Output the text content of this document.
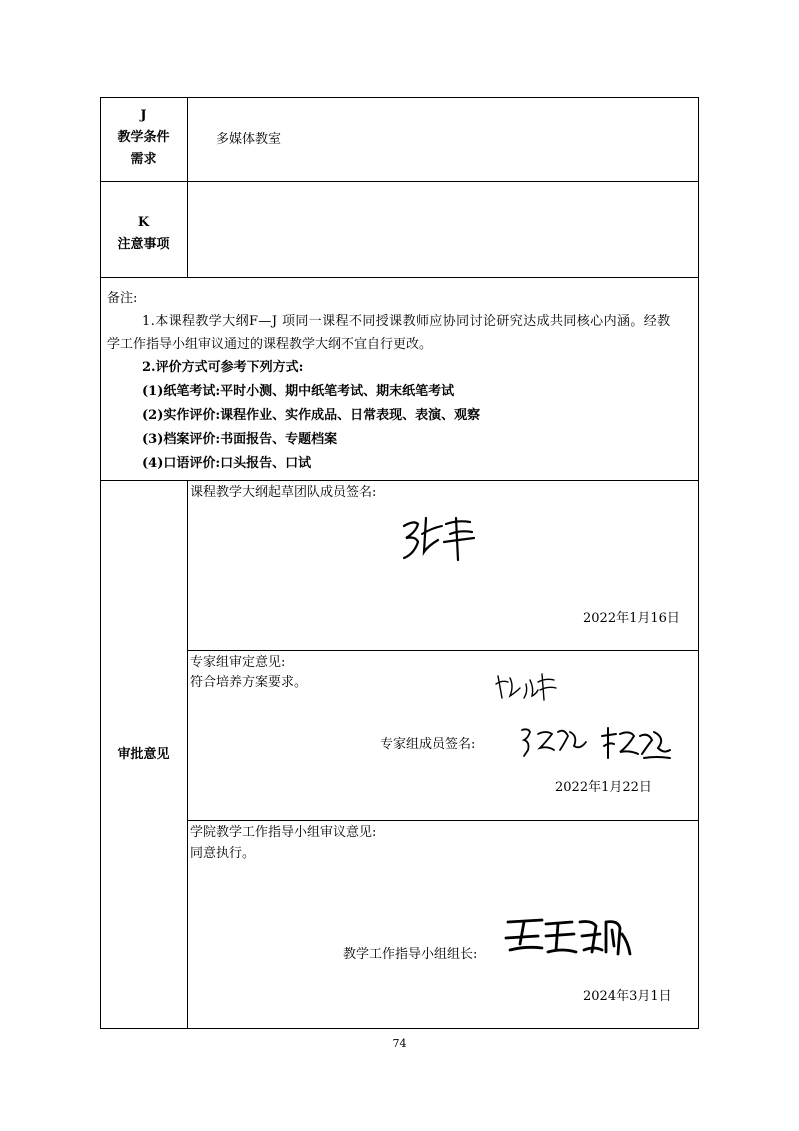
J
教学条件
需求
多媒体教室
K
注意事项
备注:
1.本课程教学大纲F—J 项同一课程不同授课教师应协同讨论研究达成共同核心内涵。经教
学工作指导小组审议通过的课程教学大纲不宜自行更改。
2.评价方式可参考下列方式:
(1)纸笔考试:平时小测、期中纸笔考试、期末纸笔考试
(2)实作评价:课程作业、实作成品、日常表现、表演、观察
(3)档案评价:书面报告、专题档案
(4)口语评价:口头报告、口试
审批意见
课程教学大纲起草团队成员签名:
2022年1月16日
专家组审定意见:
符合培养方案要求。
专家组成员签名:
2022年1月22日
学院教学工作指导小组审议意见:
同意执行。
教学工作指导小组组长:
2024年3月1日
74
